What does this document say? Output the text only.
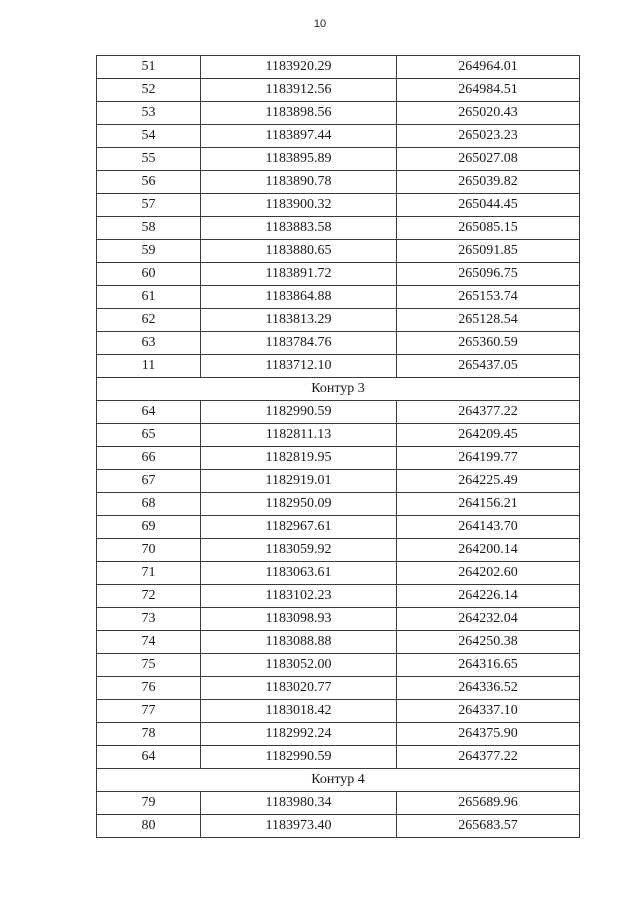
10
51	1183920.29	264964.01
52	1183912.56	264984.51
53	1183898.56	265020.43
54	1183897.44	265023.23
55	1183895.89	265027.08
56	1183890.78	265039.82
57	1183900.32	265044.45
58	1183883.58	265085.15
59	1183880.65	265091.85
60	1183891.72	265096.75
61	1183864.88	265153.74
62	1183813.29	265128.54
63	1183784.76	265360.59
11	1183712.10	265437.05
Контур 3		
64	1182990.59	264377.22
65	1182811.13	264209.45
66	1182819.95	264199.77
67	1182919.01	264225.49
68	1182950.09	264156.21
69	1182967.61	264143.70
70	1183059.92	264200.14
71	1183063.61	264202.60
72	1183102.23	264226.14
73	1183098.93	264232.04
74	1183088.88	264250.38
75	1183052.00	264316.65
76	1183020.77	264336.52
77	1183018.42	264337.10
78	1182992.24	264375.90
64	1182990.59	264377.22
Контур 4		
79	1183980.34	265689.96
80	1183973.40	265683.57
